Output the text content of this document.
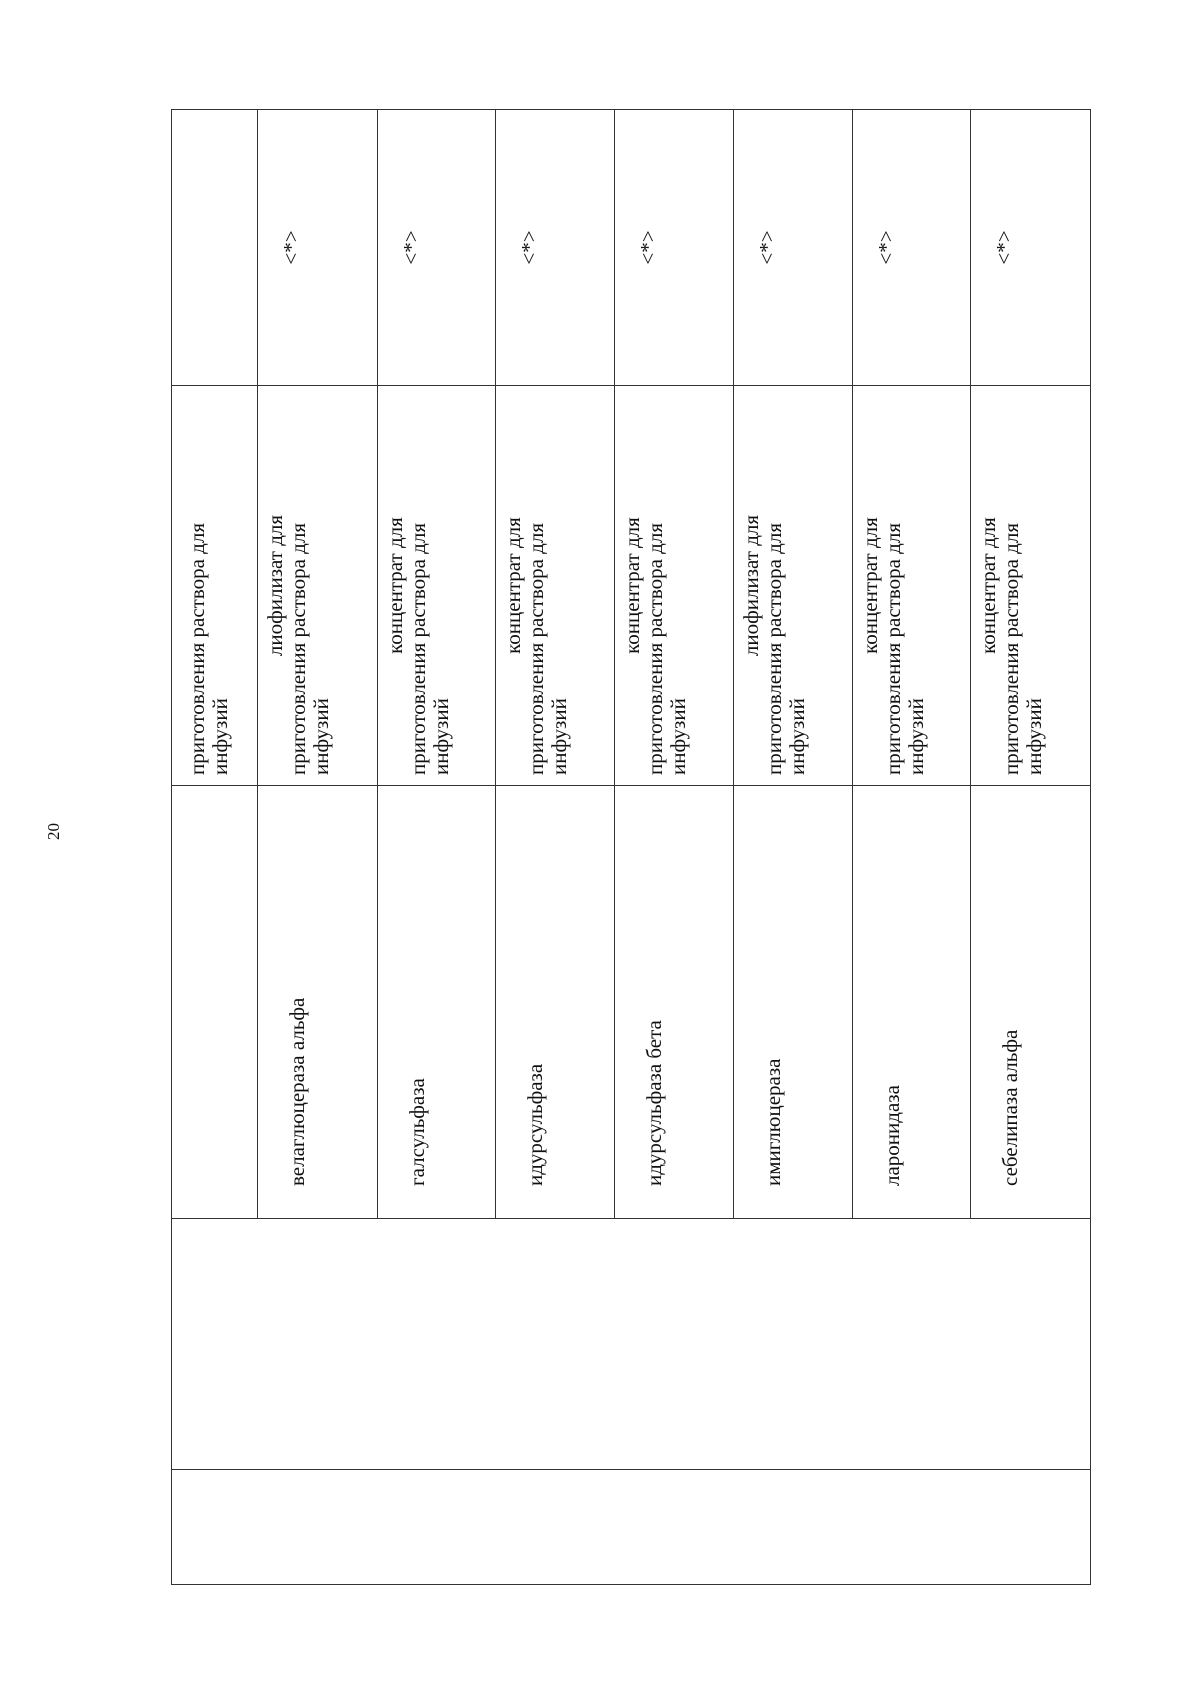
20

			приготовления раствора для инфузий	

		велаглюцераза альфа	лиофилизат для приготовления раствора для инфузий	<*>

		галсульфаза	концентрат для приготовления раствора для инфузий	<*>

		идурсульфаза	концентрат для приготовления раствора для инфузий	<*>

		идурсульфаза бета	концентрат для приготовления раствора для инфузий	<*>

		имиглюцераза	лиофилизат для приготовления раствора для инфузий	<*>

		ларонидаза	концентрат для приготовления раствора для инфузий	<*>

		себелипаза альфа	концентрат для приготовления раствора для инфузий	<*>
